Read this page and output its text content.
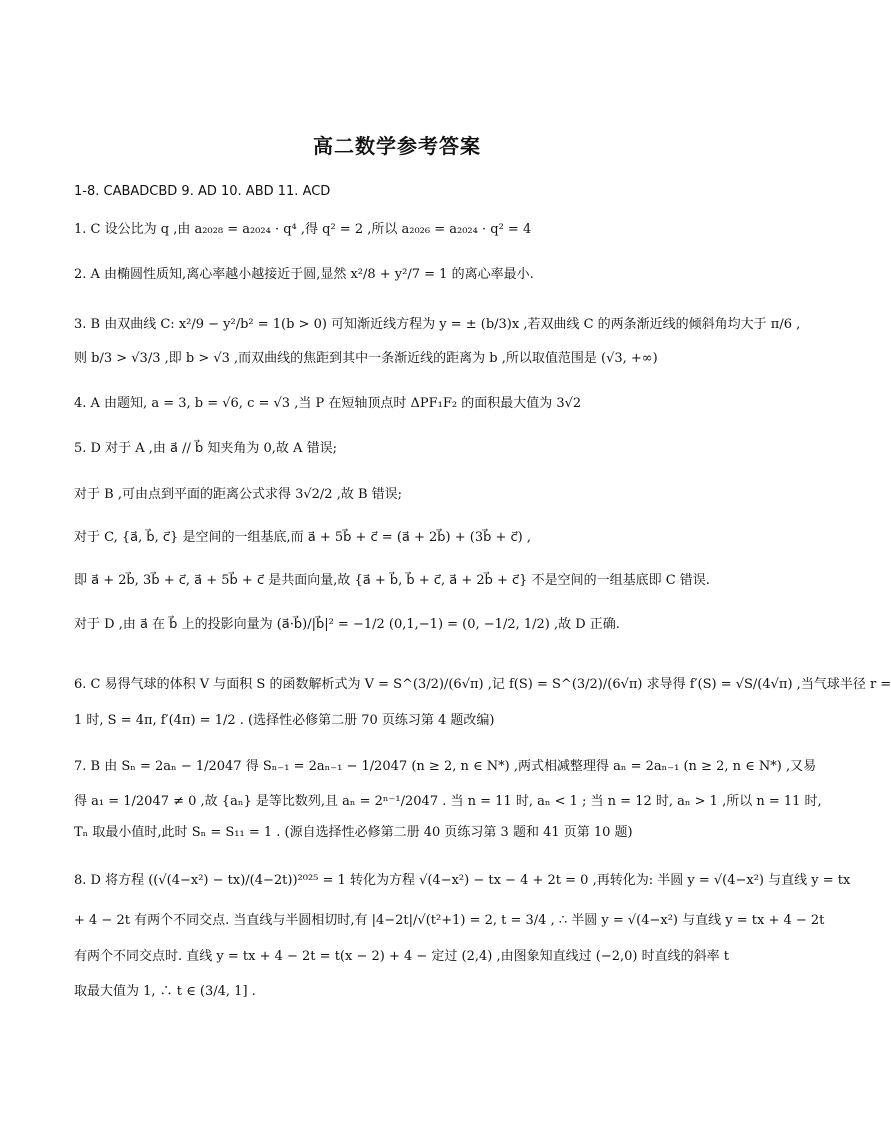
高二数学参考答案
1-8. CABADCBD 9. AD 10. ABD 11. ACD
1. C 设公比为 q ,由 a₂₀₂₈ = a₂₀₂₄ · q⁴ ,得 q² = 2 ,所以 a₂₀₂₆ = a₂₀₂₄ · q² = 4
2. A 由椭圆性质知,离心率越小越接近于圆,显然 x²/8 + y²/7 = 1 的离心率最小.
3. B 由双曲线 C: x²/9 − y²/b² = 1(b > 0) 可知渐近线方程为 y = ± (b/3)x ,若双曲线 C 的两条渐近线的倾斜角均大于 π/6 ,
则 b/3 > √3/3 ,即 b > √3 ,而双曲线的焦距到其中一条渐近线的距离为 b ,所以取值范围是 (√3, +∞)
4. A 由题知, a = 3, b = √6, c = √3 ,当 P 在短轴顶点时 ΔPF₁F₂ 的面积最大值为 3√2
5. D 对于 A ,由 a⃗ // b⃗ 知夹角为 0,故 A 错误;
对于 B ,可由点到平面的距离公式求得 3√2/2 ,故 B 错误;
对于 C, {a⃗, b⃗, c⃗} 是空间的一组基底,而 a⃗ + 5b⃗ + c⃗ = (a⃗ + 2b⃗) + (3b⃗ + c⃗) ,
即 a⃗ + 2b⃗, 3b⃗ + c⃗, a⃗ + 5b⃗ + c⃗ 是共面向量,故 {a⃗ + b⃗, b⃗ + c⃗, a⃗ + 2b⃗ + c⃗} 不是空间的一组基底即 C 错误.
对于 D ,由 a⃗ 在 b⃗ 上的投影向量为 (a⃗·b⃗)/|b⃗|² = −1/2 (0,1,−1) = (0, −1/2, 1/2) ,故 D 正确.
6. C 易得气球的体积 V 与面积 S 的函数解析式为 V = S^(3/2)/(6√π) ,记 f(S) = S^(3/2)/(6√π) 求导得 f′(S) = √S/(4√π) ,当气球半径 r =
1 时, S = 4π, f′(4π) = 1/2 . (选择性必修第二册 70 页练习第 4 题改编)
7. B 由 Sₙ = 2aₙ − 1/2047 得 Sₙ₋₁ = 2aₙ₋₁ − 1/2047 (n ≥ 2, n ∈ N*) ,两式相减整理得 aₙ = 2aₙ₋₁ (n ≥ 2, n ∈ N*) ,又易
得 a₁ = 1/2047 ≠ 0 ,故 {aₙ} 是等比数列,且 aₙ = 2ⁿ⁻¹/2047 . 当 n = 11 时, aₙ < 1 ; 当 n = 12 时, aₙ > 1 ,所以 n = 11 时,
Tₙ 取最小值时,此时 Sₙ = S₁₁ = 1 . (源自选择性必修第二册 40 页练习第 3 题和 41 页第 10 题)
8. D 将方程 ((√(4−x²) − tx)/(4−2t))²⁰²⁵ = 1 转化为方程 √(4−x²) − tx − 4 + 2t = 0 ,再转化为: 半圆 y = √(4−x²) 与直线 y = tx
+ 4 − 2t 有两个不同交点. 当直线与半圆相切时,有 |4−2t|/√(t²+1) = 2, t = 3/4 , ∴ 半圆 y = √(4−x²) 与直线 y = tx + 4 − 2t
有两个不同交点时. 直线 y = tx + 4 − 2t = t(x − 2) + 4 − 定过 (2,4) ,由图象知直线过 (−2,0) 时直线的斜率 t
取最大值为 1, ∴ t ∈ (3/4, 1] .
